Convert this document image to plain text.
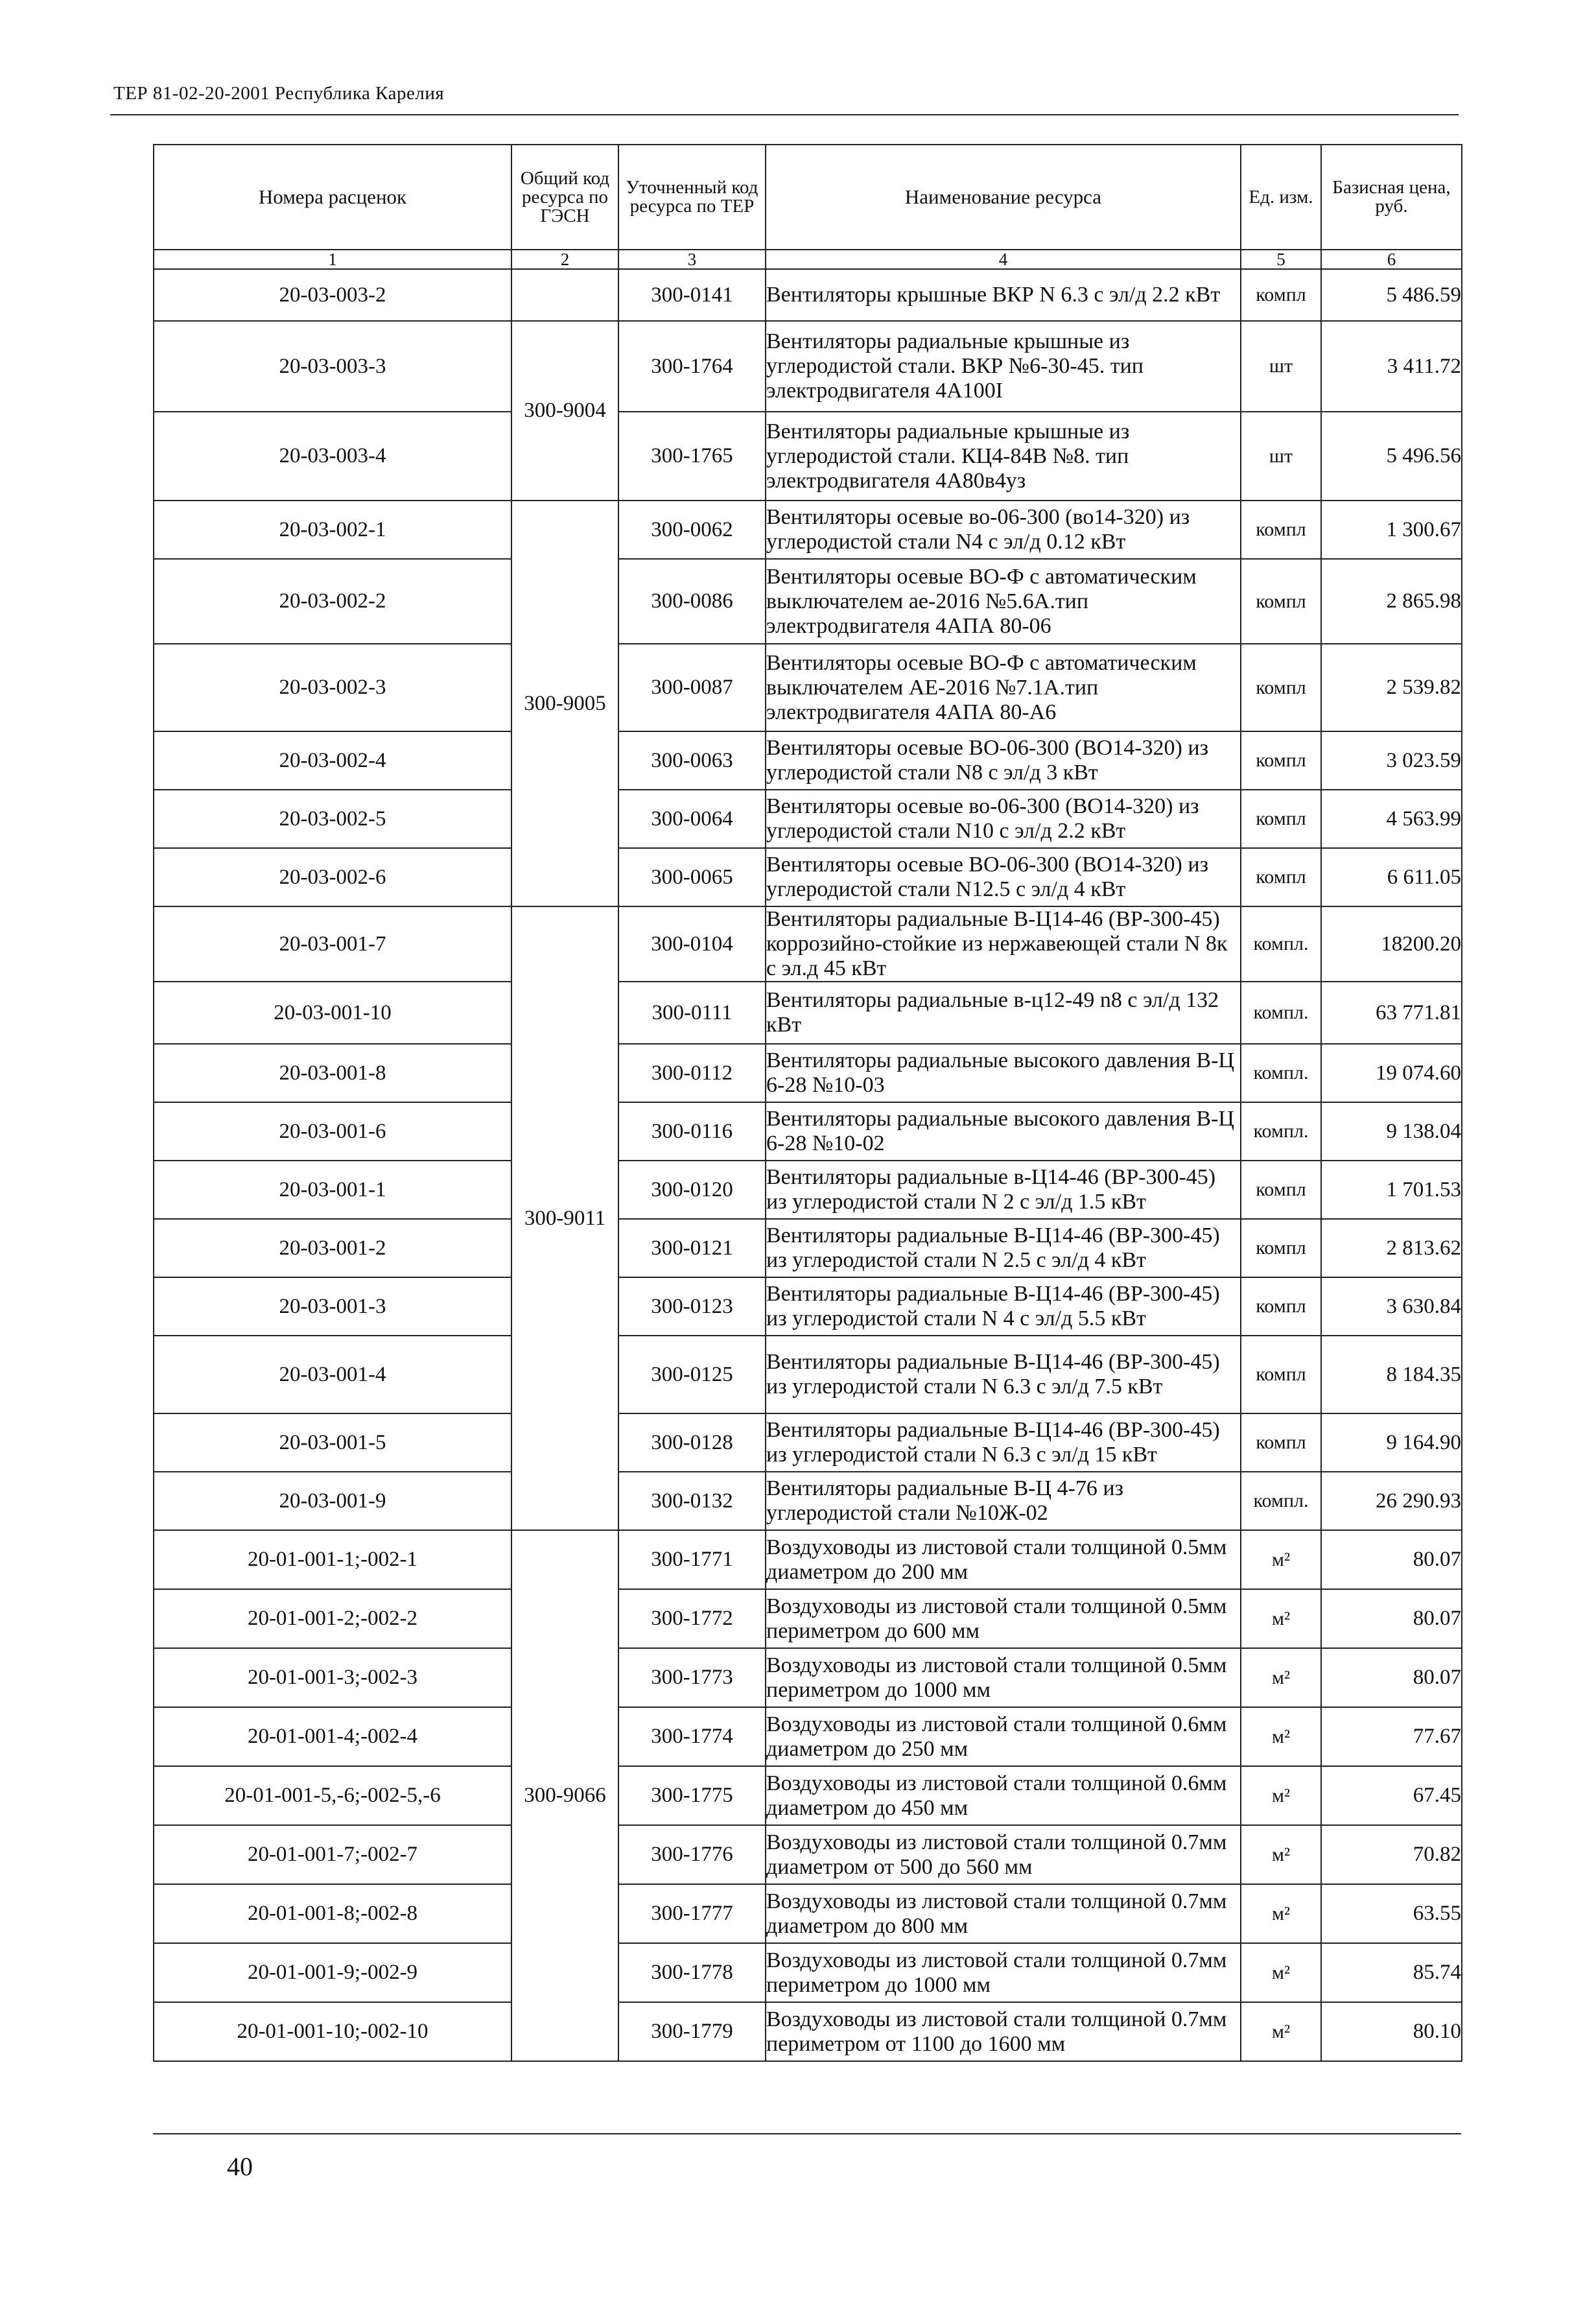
ТЕР 81-02-20-2001 Республика Карелия
Номера расценок	Общий код ресурса по ГЭСН	Уточненный код ресурса по ТЕР	Наименование ресурса	Ед. изм.	Базисная цена, руб.
1	2	3	4	5	6
20-03-003-2		300-0141	Вентиляторы крышные ВКР N 6.3 с эл/д 2.2 кВт	компл	5 486.59
20-03-003-3	300-9004	300-1764	Вентиляторы радиальные крышные из углеродистой стали. ВКР №6-30-45. тип электродвигателя 4А100I	шт	3 411.72
20-03-003-4		300-1765	Вентиляторы радиальные крышные из углеродистой стали. КЦ4-84В №8. тип электродвигателя 4А80в4уз	шт	5 496.56
20-03-002-1	300-9005	300-0062	Вентиляторы осевые во-06-300 (во14-320) из углеродистой стали N4 с эл/д 0.12 кВт	компл	1 300.67
20-03-002-2		300-0086	Вентиляторы осевые ВО-Ф с автоматическим выключателем ае-2016 №5.6А.тип электродвигателя 4АПА 80-06	компл	2 865.98
20-03-002-3		300-0087	Вентиляторы осевые ВО-Ф с автоматическим выключателем АЕ-2016 №7.1А.тип электродвигателя 4АПА 80-А6	компл	2 539.82
20-03-002-4		300-0063	Вентиляторы осевые ВО-06-300 (ВО14-320) из углеродистой стали N8 с эл/д 3 кВт	компл	3 023.59
20-03-002-5		300-0064	Вентиляторы осевые во-06-300 (ВО14-320) из углеродистой стали N10 с эл/д 2.2 кВт	компл	4 563.99
20-03-002-6		300-0065	Вентиляторы осевые ВО-06-300 (ВО14-320) из углеродистой стали N12.5 с эл/д 4 кВт	компл	6 611.05
20-03-001-7	300-9011	300-0104	Вентиляторы радиальные В-Ц14-46 (ВР-300-45) коррозийно-стойкие из нержавеющей стали N 8к с эл.д 45 кВт	компл.	18200.20
20-03-001-10		300-0111	Вентиляторы радиальные в-ц12-49 n8 с эл/д 132 кВт	компл.	63 771.81
20-03-001-8		300-0112	Вентиляторы радиальные высокого давления В-Ц 6-28 №10-03	компл.	19 074.60
20-03-001-6		300-0116	Вентиляторы радиальные высокого давления В-Ц 6-28 №10-02	компл.	9 138.04
20-03-001-1		300-0120	Вентиляторы радиальные в-Ц14-46 (ВР-300-45) из углеродистой стали N 2 с эл/д 1.5 кВт	компл	1 701.53
20-03-001-2		300-0121	Вентиляторы радиальные В-Ц14-46 (ВР-300-45) из углеродистой стали N 2.5 с эл/д 4 кВт	компл	2 813.62
20-03-001-3		300-0123	Вентиляторы радиальные В-Ц14-46 (ВР-300-45) из углеродистой стали N 4 с эл/д 5.5 кВт	компл	3 630.84
20-03-001-4		300-0125	Вентиляторы радиальные В-Ц14-46 (ВР-300-45) из углеродистой стали N 6.3 с эл/д 7.5 кВт	компл	8 184.35
20-03-001-5		300-0128	Вентиляторы радиальные В-Ц14-46 (ВР-300-45) из углеродистой стали N 6.3 с эл/д 15 кВт	компл	9 164.90
20-03-001-9		300-0132	Вентиляторы радиальные В-Ц 4-76 из углеродистой стали №10Ж-02	компл.	26 290.93
20-01-001-1;-002-1	300-9066	300-1771	Воздуховоды из листовой стали толщиной 0.5мм диаметром до 200 мм	м²	80.07
20-01-001-2;-002-2		300-1772	Воздуховоды из листовой стали толщиной 0.5мм периметром до 600 мм	м²	80.07
20-01-001-3;-002-3		300-1773	Воздуховоды из листовой стали толщиной 0.5мм периметром до 1000 мм	м²	80.07
20-01-001-4;-002-4		300-1774	Воздуховоды из листовой стали толщиной 0.6мм диаметром до 250 мм	м²	77.67
20-01-001-5,-6;-002-5,-6		300-1775	Воздуховоды из листовой стали толщиной 0.6мм диаметром до 450 мм	м²	67.45
20-01-001-7;-002-7		300-1776	Воздуховоды из листовой стали толщиной 0.7мм диаметром от 500 до 560 мм	м²	70.82
20-01-001-8;-002-8		300-1777	Воздуховоды из листовой стали толщиной 0.7мм диаметром до 800 мм	м²	63.55
20-01-001-9;-002-9		300-1778	Воздуховоды из листовой стали толщиной 0.7мм периметром до 1000 мм	м²	85.74
20-01-001-10;-002-10		300-1779	Воздуховоды из листовой стали толщиной 0.7мм периметром от 1100 до 1600 мм	м²	80.10
40
